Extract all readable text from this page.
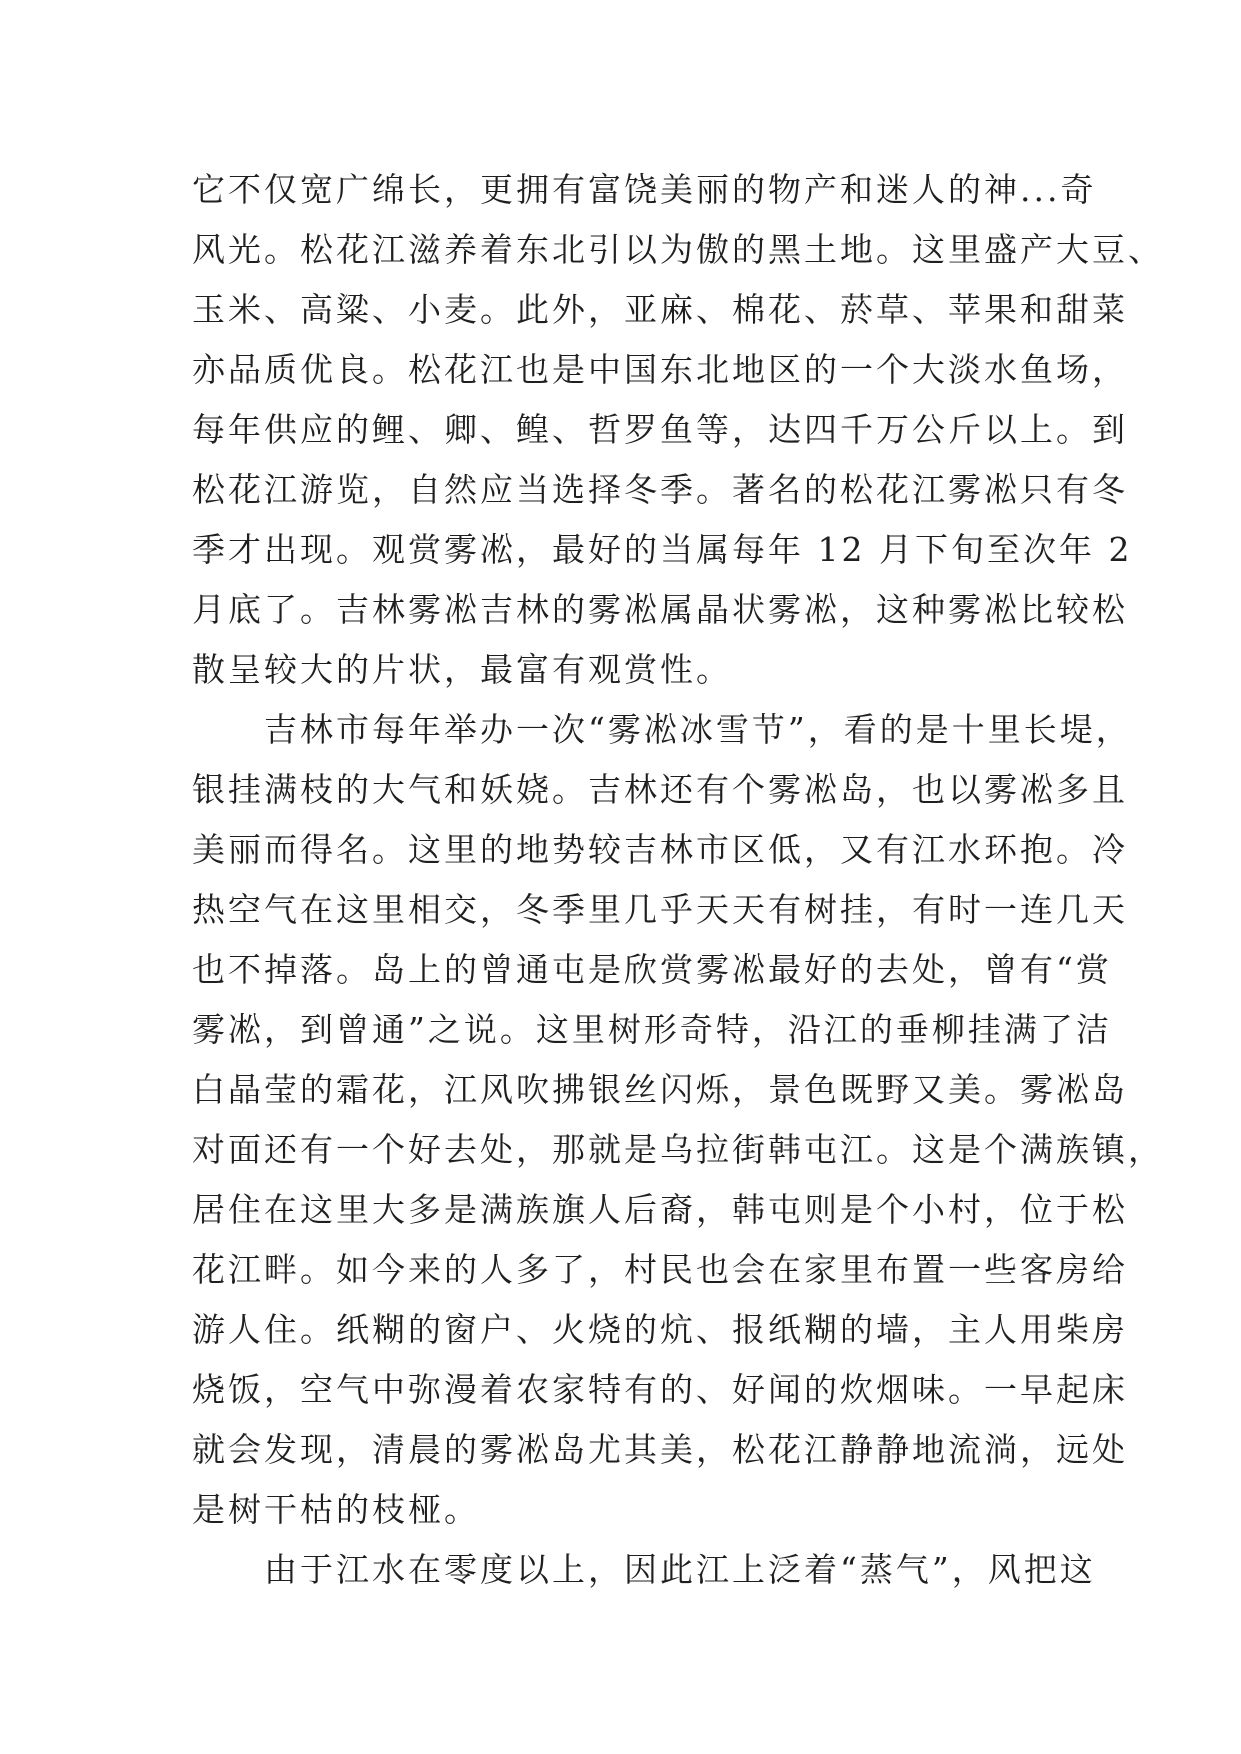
它不仅宽广绵长，更拥有富饶美丽的物产和迷人的神...奇
风光。松花江滋养着东北引以为傲的黑土地。这里盛产大豆、
玉米、高粱、小麦。此外，亚麻、棉花、菸草、苹果和甜菜
亦品质优良。松花江也是中国东北地区的一个大淡水鱼场，
每年供应的鲤、卿、鳇、哲罗鱼等，达四千万公斤以上。到
松花江游览，自然应当选择冬季。著名的松花江雾凇只有冬
季才出现。观赏雾凇，最好的当属每年 12 月下旬至次年 2
月底了。吉林雾凇吉林的雾凇属晶状雾凇，这种雾凇比较松
散呈较大的片状，最富有观赏性。
　　吉林市每年举办一次“雾凇冰雪节”，看的是十里长堤，
银挂满枝的大气和妖娆。吉林还有个雾凇岛，也以雾凇多且
美丽而得名。这里的地势较吉林市区低，又有江水环抱。冷
热空气在这里相交，冬季里几乎天天有树挂，有时一连几天
也不掉落。岛上的曾通屯是欣赏雾凇最好的去处，曾有“赏
雾凇，到曾通”之说。这里树形奇特，沿江的垂柳挂满了洁
白晶莹的霜花，江风吹拂银丝闪烁，景色既野又美。雾凇岛
对面还有一个好去处，那就是乌拉街韩屯江。这是个满族镇，
居住在这里大多是满族旗人后裔，韩屯则是个小村，位于松
花江畔。如今来的人多了，村民也会在家里布置一些客房给
游人住。纸糊的窗户、火烧的炕、报纸糊的墙，主人用柴房
烧饭，空气中弥漫着农家特有的、好闻的炊烟味。一早起床
就会发现，清晨的雾凇岛尤其美，松花江静静地流淌，远处
是树干枯的枝桠。
　　由于江水在零度以上，因此江上泛着“蒸气”，风把这
